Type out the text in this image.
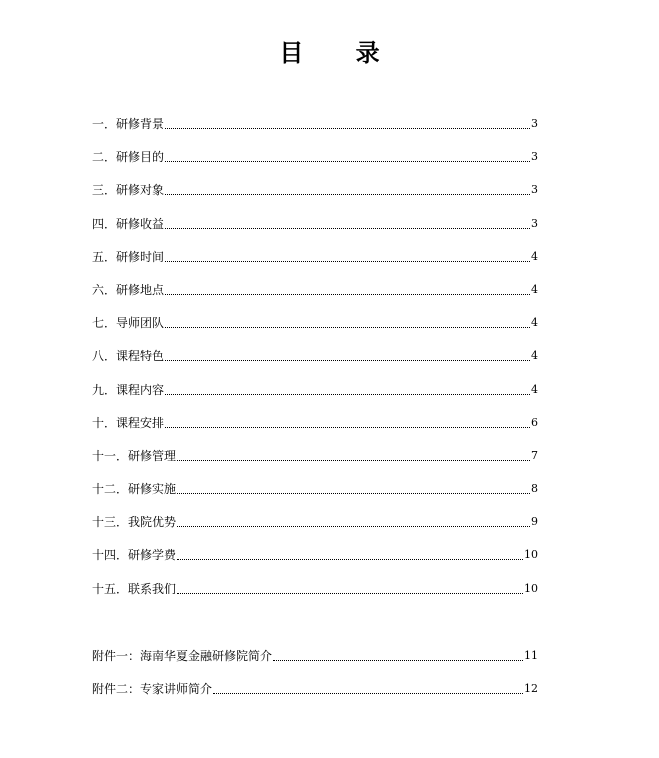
目 录
一．研修背景	3
二．研修目的	3
三．研修对象	3
四．研修收益	3
五．研修时间	4
六．研修地点	4
七．导师团队	4
八．课程特色	4
九．课程内容	4
十．课程安排	6
十一．研修管理	7
十二．研修实施	8
十三．我院优势	9
十四．研修学费	10
十五．联系我们	10
附件一：海南华夏金融研修院简介	11
附件二：专家讲师简介	12
